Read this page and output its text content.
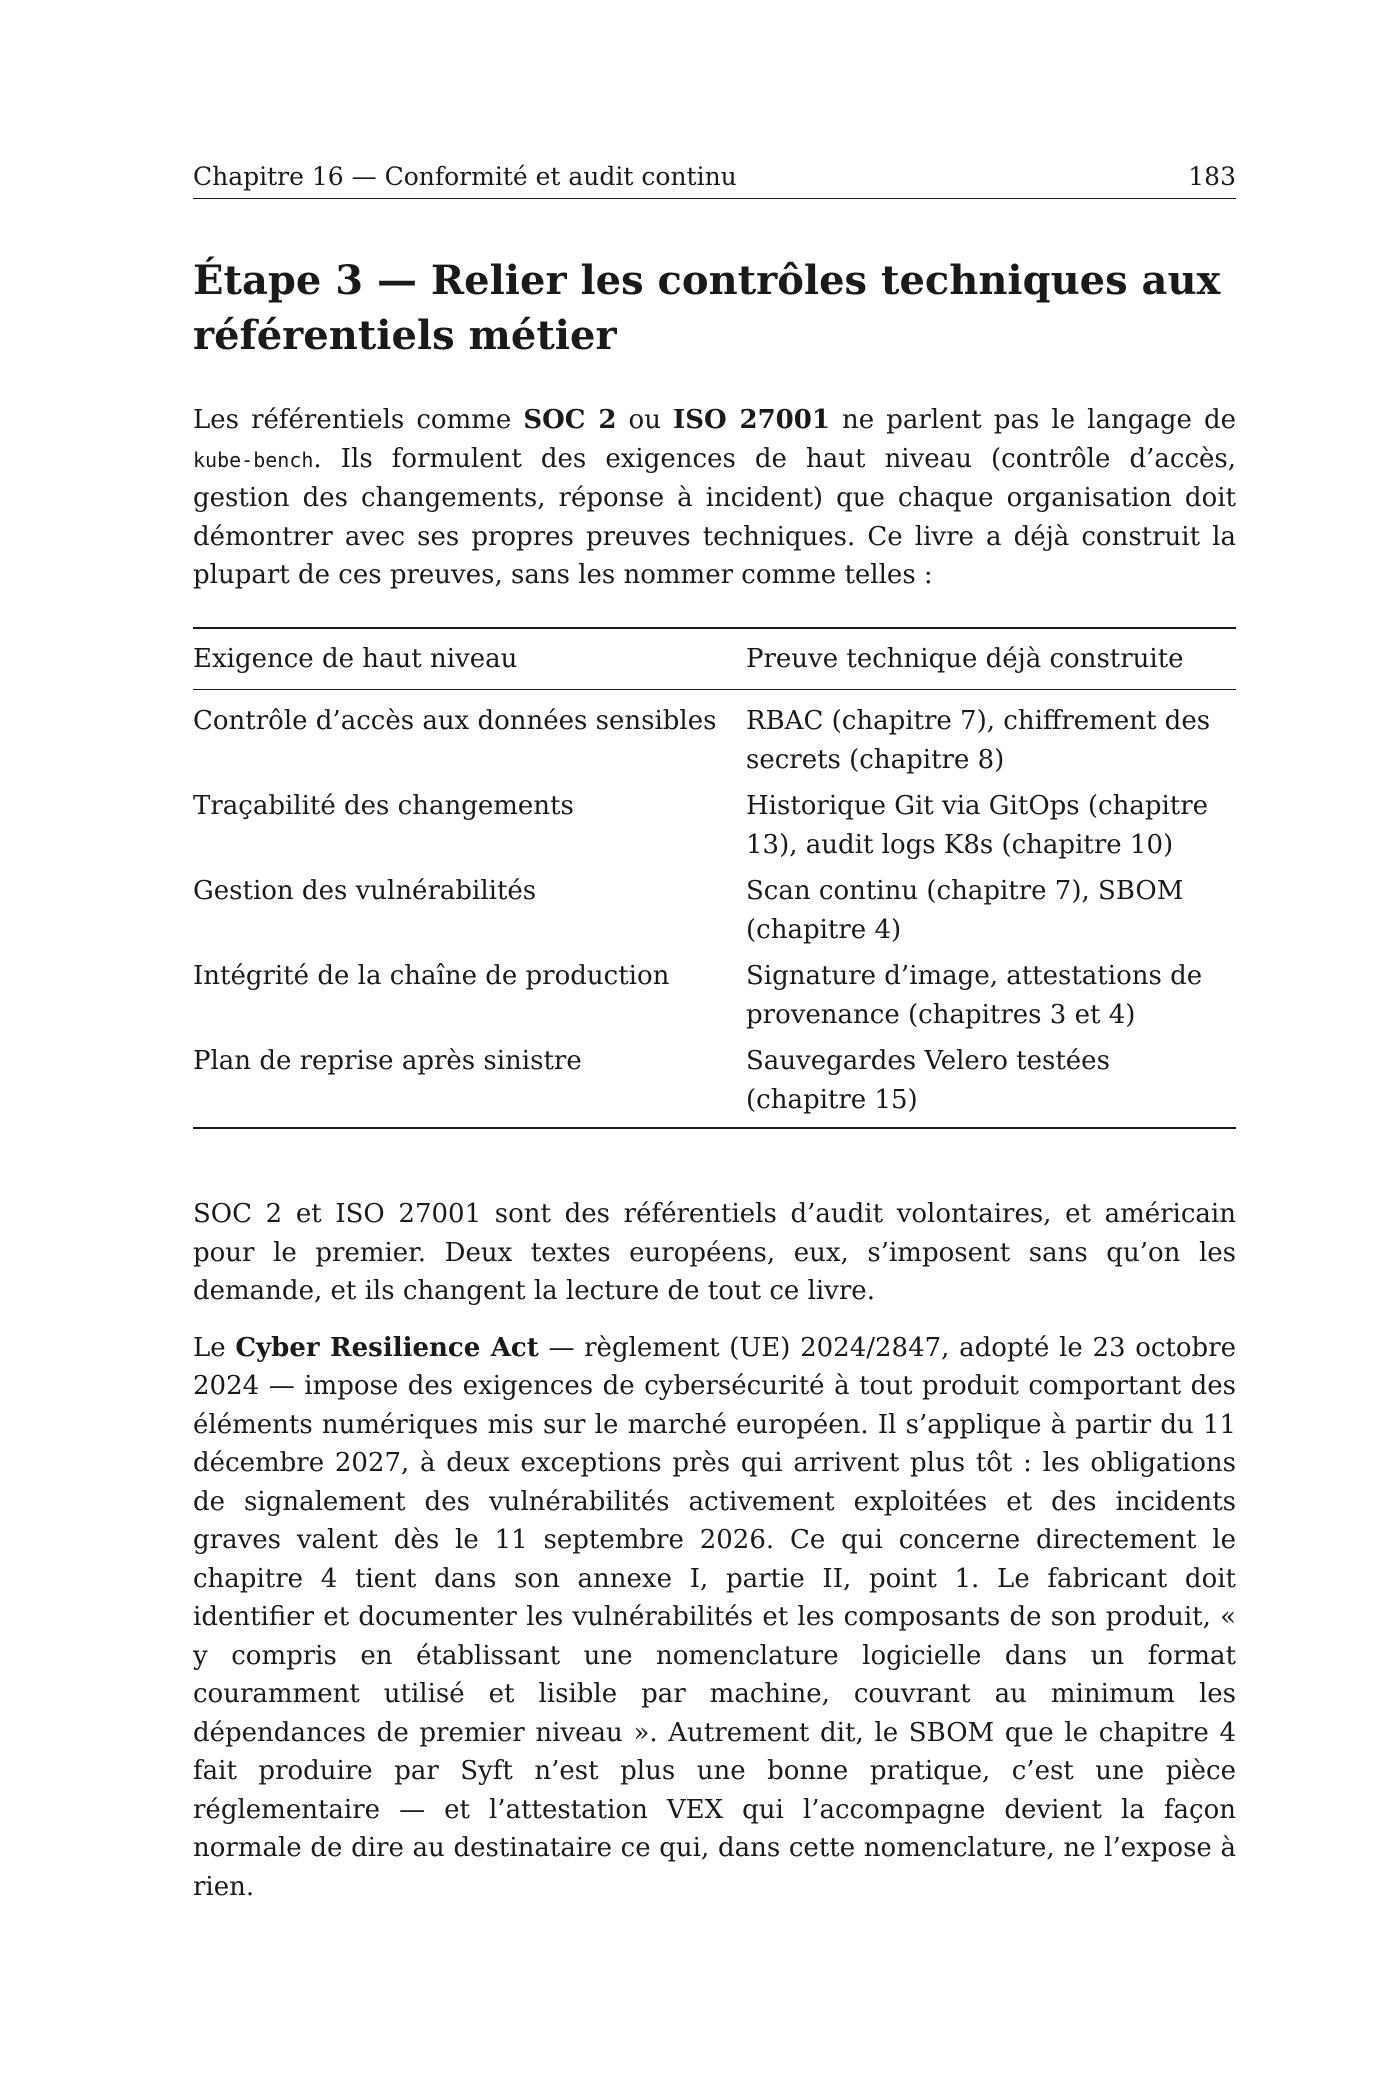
Chapitre 16 — Conformité et audit continu	183
Étape 3 — Relier les contrôles techniques aux référentiels métier

Les référentiels comme SOC 2 ou ISO 27001 ne parlent pas le langage de kube-bench. Ils formulent des exigences de haut niveau (contrôle d’accès, gestion des changements, réponse à incident) que chaque organisation doit démontrer avec ses propres preuves techniques. Ce livre a déjà construit la plupart de ces preuves, sans les nommer comme telles :

Exigence de haut niveau	Preuve technique déjà construite
Contrôle d’accès aux données sensibles	RBAC (chapitre 7), chiffrement des secrets (chapitre 8)
Traçabilité des changements	Historique Git via GitOps (chapitre 13), audit logs K8s (chapitre 10)
Gestion des vulnérabilités	Scan continu (chapitre 7), SBOM (chapitre 4)
Intégrité de la chaîne de production	Signature d’image, attestations de provenance (chapitres 3 et 4)
Plan de reprise après sinistre	Sauvegardes Velero testées (chapitre 15)

SOC 2 et ISO 27001 sont des référentiels d’audit volontaires, et américain pour le premier. Deux textes européens, eux, s’imposent sans qu’on les demande, et ils changent la lecture de tout ce livre.

Le Cyber Resilience Act — règlement (UE) 2024/2847, adopté le 23 octobre 2024 — impose des exigences de cybersécurité à tout produit comportant des éléments numériques mis sur le marché européen. Il s’applique à partir du 11 décembre 2027, à deux exceptions près qui arrivent plus tôt : les obligations de signalement des vulnérabilités activement exploitées et des incidents graves valent dès le 11 septembre 2026. Ce qui concerne directement le chapitre 4 tient dans son annexe I, partie II, point 1. Le fabricant doit identifier et documenter les vulnérabilités et les composants de son produit, « y compris en établissant une nomenclature logicielle dans un format couramment utilisé et lisible par machine, couvrant au minimum les dépendances de premier niveau ». Autrement dit, le SBOM que le chapitre 4 fait produire par Syft n’est plus une bonne pratique, c’est une pièce réglementaire — et l’attestation VEX qui l’accompagne devient la façon normale de dire au destinataire ce qui, dans cette nomenclature, ne l’expose à rien.
